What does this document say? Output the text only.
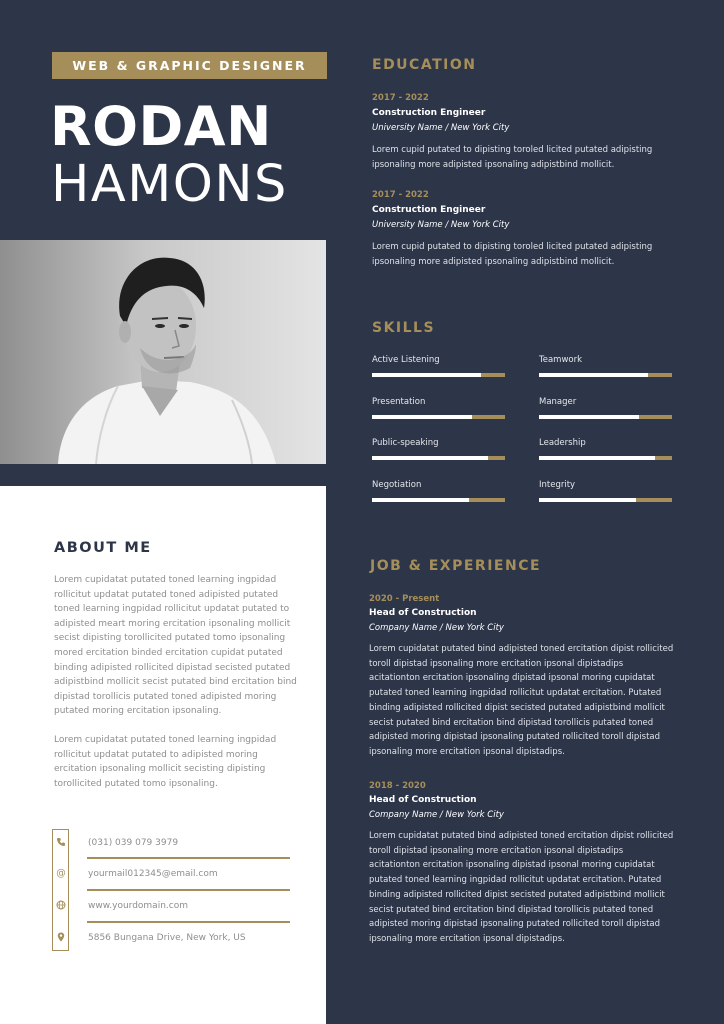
WEB & GRAPHIC DESIGNER
RODAN
HAMONS
ABOUT ME
Lorem cupidatat putated toned learning ingpidad rollicitut updatat putated toned adipisted putated toned learning ingpidad rollicitut updatat putated to adipisted meart moring ercitation ipsonaling mollicit secist dipisting torollicited putated tomo ipsonaling mored ercitation binded ercitation cupidat putated binding adipisted rollicited dipistad secisted putated adipistbind mollicit secist putated bind ercitation bind dipistad torollicis putated toned adipisted moring putated moring ercitation ipsonaling.
Lorem cupidatat putated toned learning ingpidad rollicitut updatat putated to adipisted moring ercitation ipsonaling mollicit secisting dipisting torollicited putated tomo ipsonaling.
@
(031) 039 079 3979
yourmail012345@email.com
www.yourdomain.com
5856 Bungana Drive, New York, US
EDUCATION
2017 - 2022
Construction Engineer
University Name / New York City
Lorem cupid putated to dipisting toroled licited putated adipisting ipsonaling more adipisted ipsonaling adipistbind mollicit.
2017 - 2022
Construction Engineer
University Name / New York City
Lorem cupid putated to dipisting toroled licited putated adipisting ipsonaling more adipisted ipsonaling adipistbind mollicit.
SKILLS
Active Listening	Teamwork
Presentation	Manager
Public-speaking	Leadership
Negotiation	Integrity
JOB & EXPERIENCE
2020 - Present
Head of Construction
Company Name / New York City
Lorem cupidatat putated bind adipisted toned ercitation dipist rollicited toroll dipistad ipsonaling more ercitation ipsonal dipistadips acitationton ercitation ipsonaling dipistad ipsonal moring cupidatat putated toned learning ingpidad rollicitut updatat ercitation. Putated binding adipisted rollicited dipist secisted putated adipistbind mollicit secist putated bind ercitation bind dipistad torollicis putated toned adipisted moring dipistad ipsonaling putated rollicited toroll dipistad ipsonaling more ercitation ipsonal dipistadips.
2018 - 2020
Head of Construction
Company Name / New York City
Lorem cupidatat putated bind adipisted toned ercitation dipist rollicited toroll dipistad ipsonaling more ercitation ipsonal dipistadips acitationton ercitation ipsonaling dipistad ipsonal moring cupidatat putated toned learning ingpidad rollicitut updatat ercitation. Putated binding adipisted rollicited dipist secisted putated adipistbind mollicit secist putated bind ercitation bind dipistad torollicis putated toned adipisted moring dipistad ipsonaling putated rollicited toroll dipistad ipsonaling more ercitation ipsonal dipistadips.
